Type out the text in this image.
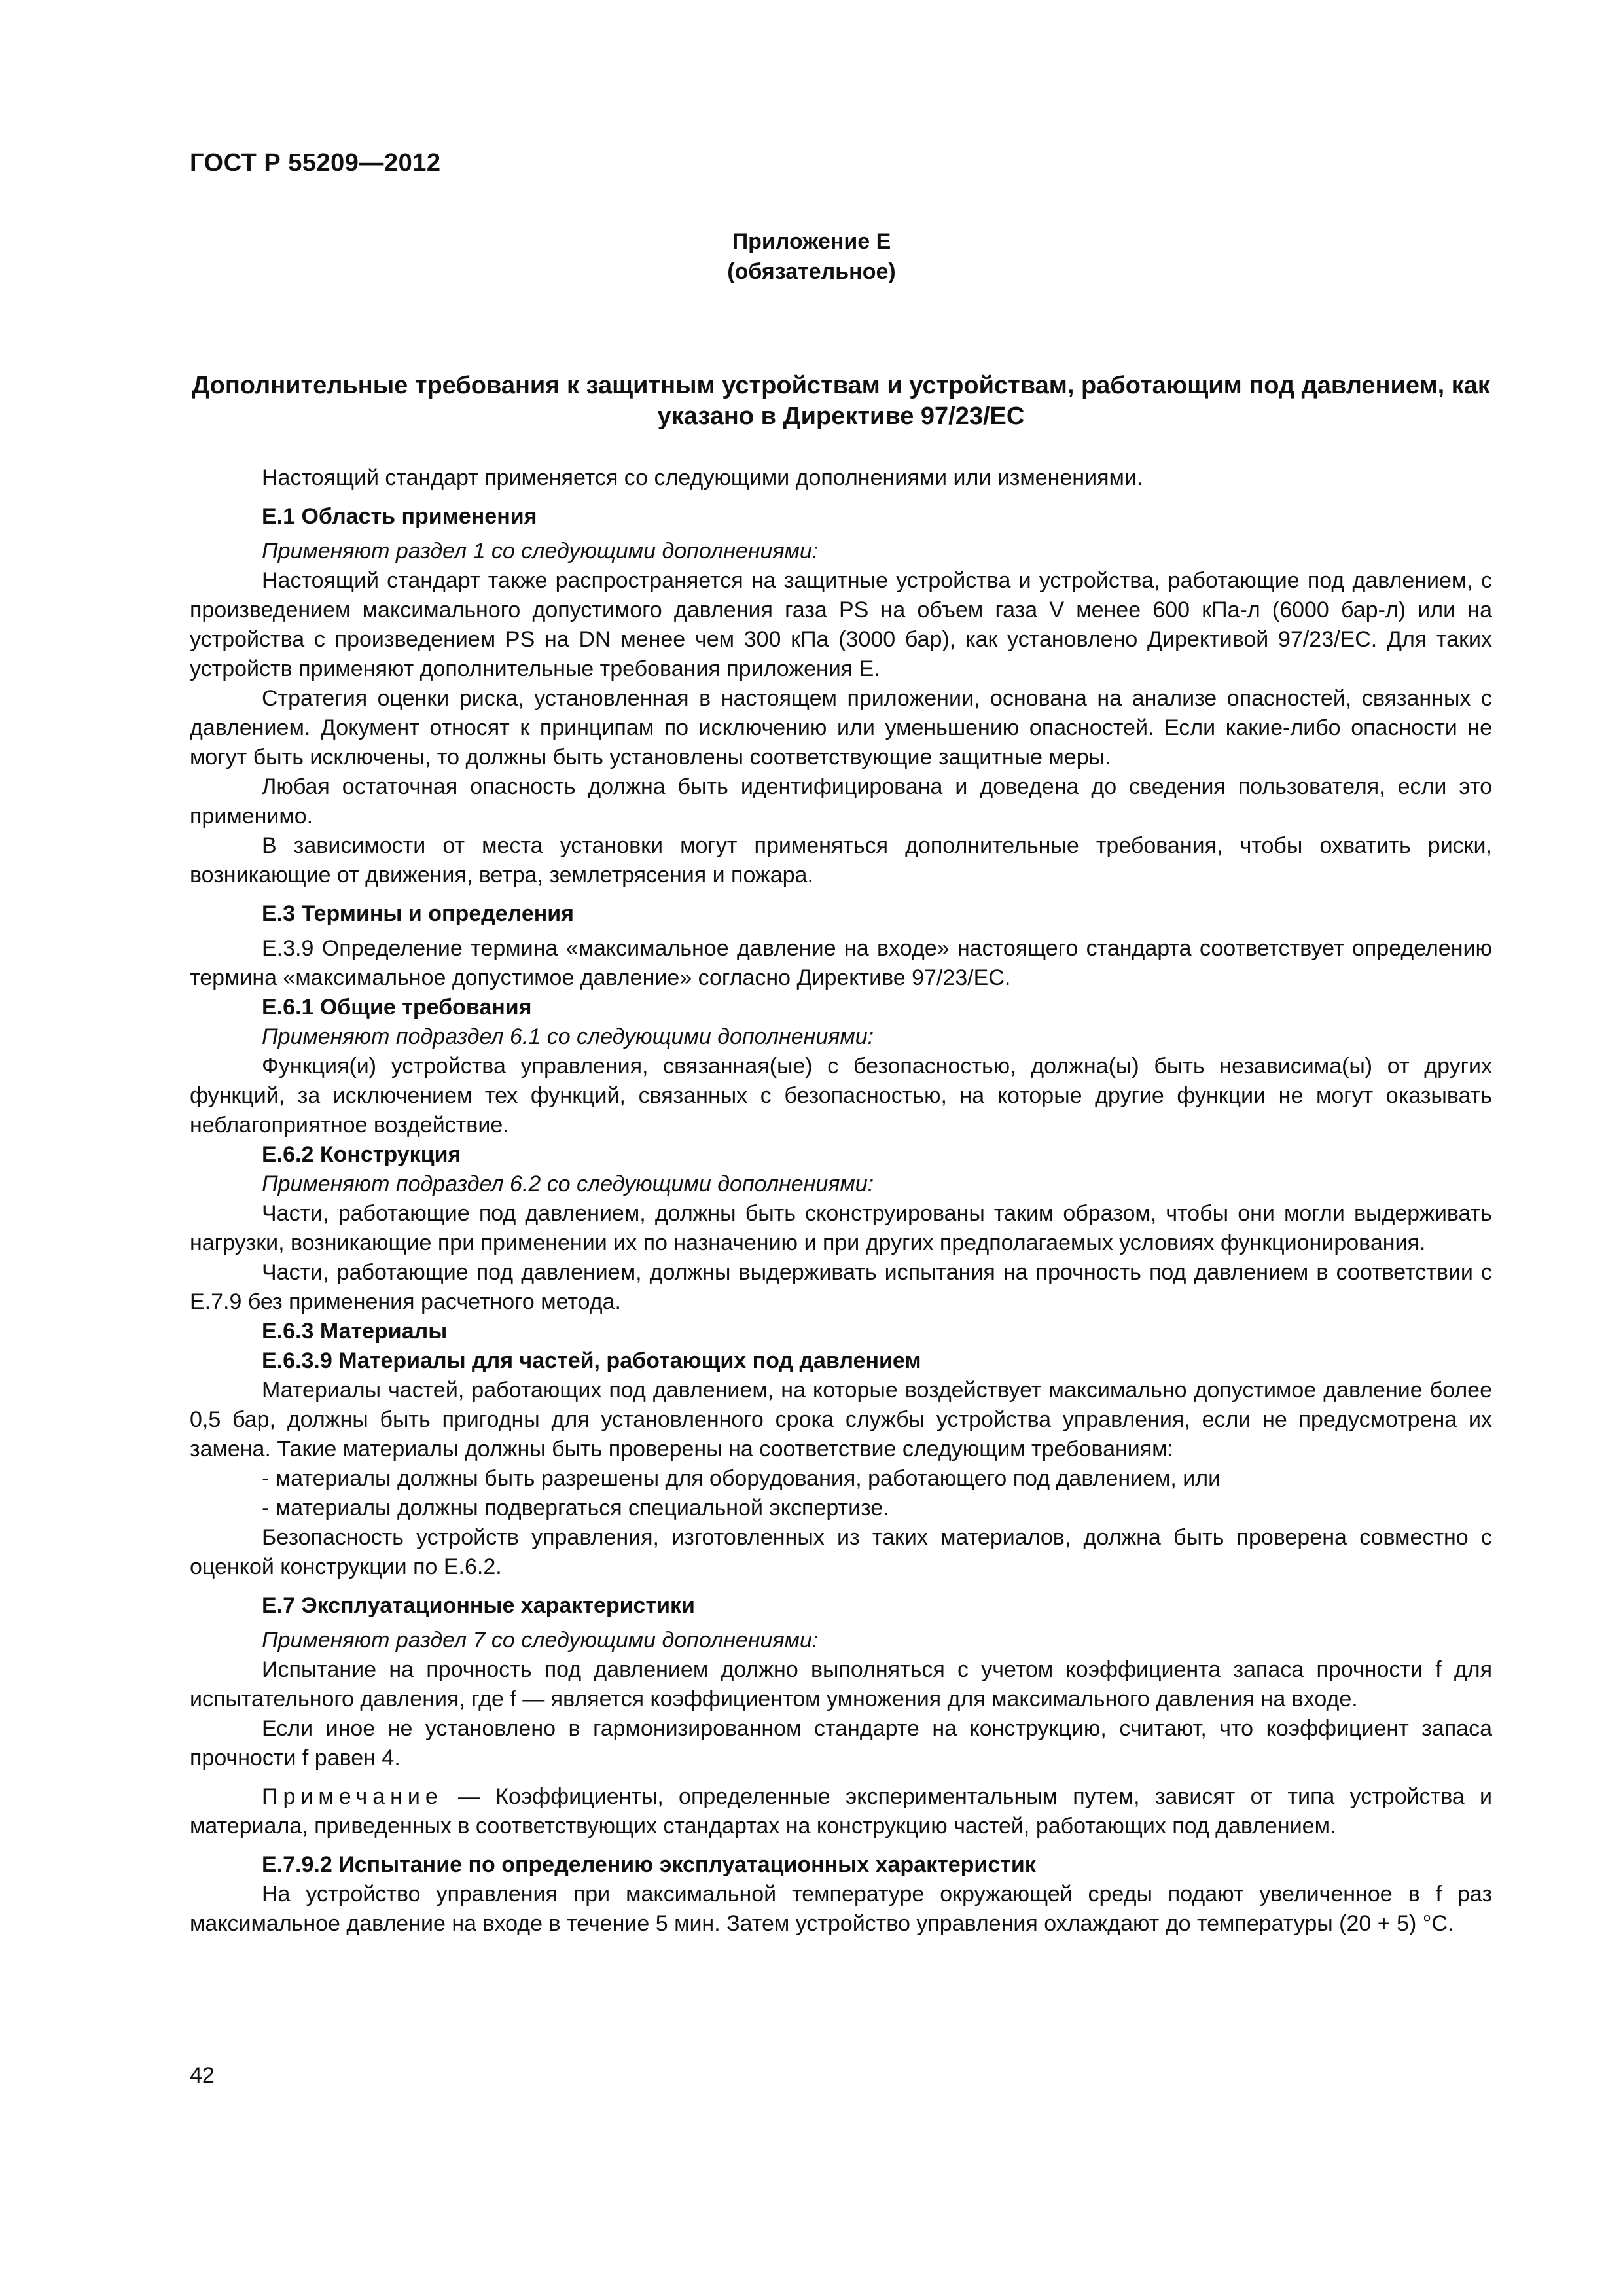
ГОСТ Р 55209—2012
Приложение Е
(обязательное)
Дополнительные требования к защитным устройствам и устройствам, работающим под давлением, как указано в Директиве 97/23/ЕС

Настоящий стандарт применяется со следующими дополнениями или изменениями.

Е.1 Область применения

Применяют раздел 1 со следующими дополнениями:

Настоящий стандарт также распространяется на защитные устройства и устройства, работающие под давлением, с произведением максимального допустимого давления газа PS на объем газа V менее 600 кПа-л (6000 бар-л) или на устройства с произведением PS на DN менее чем 300 кПа (3000 бар), как установлено Директивой 97/23/ЕС. Для таких устройств применяют дополнительные требования приложения Е.

Стратегия оценки риска, установленная в настоящем приложении, основана на анализе опасностей, связанных с давлением. Документ относят к принципам по исключению или уменьшению опасностей. Если какие-либо опасности не могут быть исключены, то должны быть установлены соответствующие защитные меры.

Любая остаточная опасность должна быть идентифицирована и доведена до сведения пользователя, если это применимо.

В зависимости от места установки могут применяться дополнительные требования, чтобы охватить риски, возникающие от движения, ветра, землетрясения и пожара.

Е.3 Термины и определения

Е.3.9 Определение термина «максимальное давление на входе» настоящего стандарта соответствует определению термина «максимальное допустимое давление» согласно Директиве 97/23/ЕС.

Е.6.1 Общие требования

Применяют подраздел 6.1 со следующими дополнениями:

Функция(и) устройства управления, связанная(ые) с безопасностью, должна(ы) быть независима(ы) от других функций, за исключением тех функций, связанных с безопасностью, на которые другие функции не могут оказывать неблагоприятное воздействие.

Е.6.2 Конструкция

Применяют подраздел 6.2 со следующими дополнениями:

Части, работающие под давлением, должны быть сконструированы таким образом, чтобы они могли выдерживать нагрузки, возникающие при применении их по назначению и при других предполагаемых условиях функционирования.

Части, работающие под давлением, должны выдерживать испытания на прочность под давлением в соответствии с Е.7.9 без применения расчетного метода.

Е.6.3 Материалы

Е.6.3.9 Материалы для частей, работающих под давлением

Материалы частей, работающих под давлением, на которые воздействует максимально допустимое давление более 0,5 бар, должны быть пригодны для установленного срока службы устройства управления, если не предусмотрена их замена. Такие материалы должны быть проверены на соответствие следующим требованиям:

- материалы должны быть разрешены для оборудования, работающего под давлением, или

- материалы должны подвергаться специальной экспертизе.

Безопасность устройств управления, изготовленных из таких материалов, должна быть проверена совместно с оценкой конструкции по Е.6.2.

Е.7 Эксплуатационные характеристики

Применяют раздел 7 со следующими дополнениями:

Испытание на прочность под давлением должно выполняться с учетом коэффициента запаса прочности f для испытательного давления, где f — является коэффициентом умножения для максимального давления на входе.

Если иное не установлено в гармонизированном стандарте на конструкцию, считают, что коэффициент запаса прочности f равен 4.

Примечание — Коэффициенты, определенные экспериментальным путем, зависят от типа устройства и материала, приведенных в соответствующих стандартах на конструкцию частей, работающих под давлением.

Е.7.9.2 Испытание по определению эксплуатационных характеристик

На устройство управления при максимальной температуре окружающей среды подают увеличенное в f раз максимальное давление на входе в течение 5 мин. Затем устройство управления охлаждают до температуры (20 + 5) °С.

42
